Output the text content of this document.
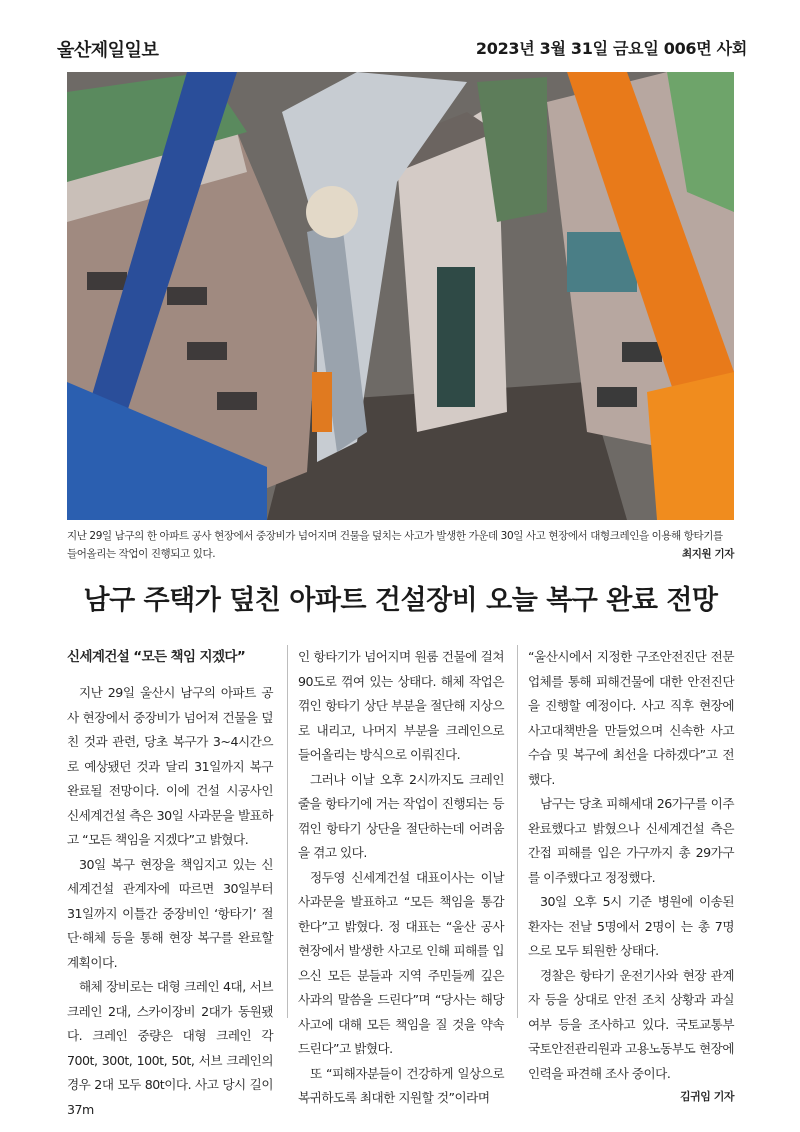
울산제일일보	2023년 3월 31일 금요일 006면 사회
지난 29일 남구의 한 아파트 공사 현장에서 중장비가 넘어지며 건물을 덮치는 사고가 발생한 가운데 30일 사고 현장에서 대형크레인을 이용해 항타기를 들어올리는 작업이 진행되고 있다.	최지원 기자
남구 주택가 덮친 아파트 건설장비 오늘 복구 완료 전망
신세계건설 “모든 책임 지겠다”

지난 29일 울산시 남구의 아파트 공사 현장에서 중장비가 넘어져 건물을 덮친 것과 관련, 당초 복구가 3~4시간으로 예상됐던 것과 달리 31일까지 복구 완료될 전망이다. 이에 건설 시공사인 신세계건설 측은 30일 사과문을 발표하고 “모든 책임을 지겠다”고 밝혔다.

30일 복구 현장을 책임지고 있는 신세계건설 관계자에 따르면 30일부터 31일까지 이틀간 중장비인 ‘항타기’ 절단·해체 등을 통해 현장 복구를 완료할 계획이다.

해체 장비로는 대형 크레인 4대, 서브 크레인 2대, 스카이장비 2대가 동원됐다. 크레인 중량은 대형 크레인 각 700t, 300t, 100t, 50t, 서브 크레인의 경우 2대 모두 80t이다. 사고 당시 길이 37m

인 항타기가 넘어지며 원룸 건물에 걸쳐 90도로 꺾여 있는 상태다. 해체 작업은 꺾인 항타기 상단 부분을 절단해 지상으로 내리고, 나머지 부분을 크레인으로 들어올리는 방식으로 이뤄진다.

그러나 이날 오후 2시까지도 크레인 줄을 항타기에 거는 작업이 진행되는 등 꺾인 항타기 상단을 절단하는데 어려움을 겪고 있다.

정두영 신세계건설 대표이사는 이날 사과문을 발표하고 “모든 책임을 통감한다”고 밝혔다. 정 대표는 “울산 공사현장에서 발생한 사고로 인해 피해를 입으신 모든 분들과 지역 주민들께 깊은 사과의 말씀을 드린다”며 “당사는 해당 사고에 대해 모든 책임을 질 것을 약속드린다”고 밝혔다.

또 “피해자분들이 건강하게 일상으로 복귀하도록 최대한 지원할 것”이라며

“울산시에서 지정한 구조안전진단 전문업체를 통해 피해건물에 대한 안전진단을 진행할 예정이다. 사고 직후 현장에 사고대책반을 만들었으며 신속한 사고수습 및 복구에 최선을 다하겠다”고 전했다.

남구는 당초 피해세대 26가구를 이주 완료했다고 밝혔으나 신세계건설 측은 간접 피해를 입은 가구까지 총 29가구를 이주했다고 정정했다.

30일 오후 5시 기준 병원에 이송된 환자는 전날 5명에서 2명이 는 총 7명으로 모두 퇴원한 상태다.

경찰은 항타기 운전기사와 현장 관계자 등을 상대로 안전 조치 상황과 과실 여부 등을 조사하고 있다. 국토교통부 국토안전관리원과 고용노동부도 현장에 인력을 파견해 조사 중이다.

김귀임 기자
